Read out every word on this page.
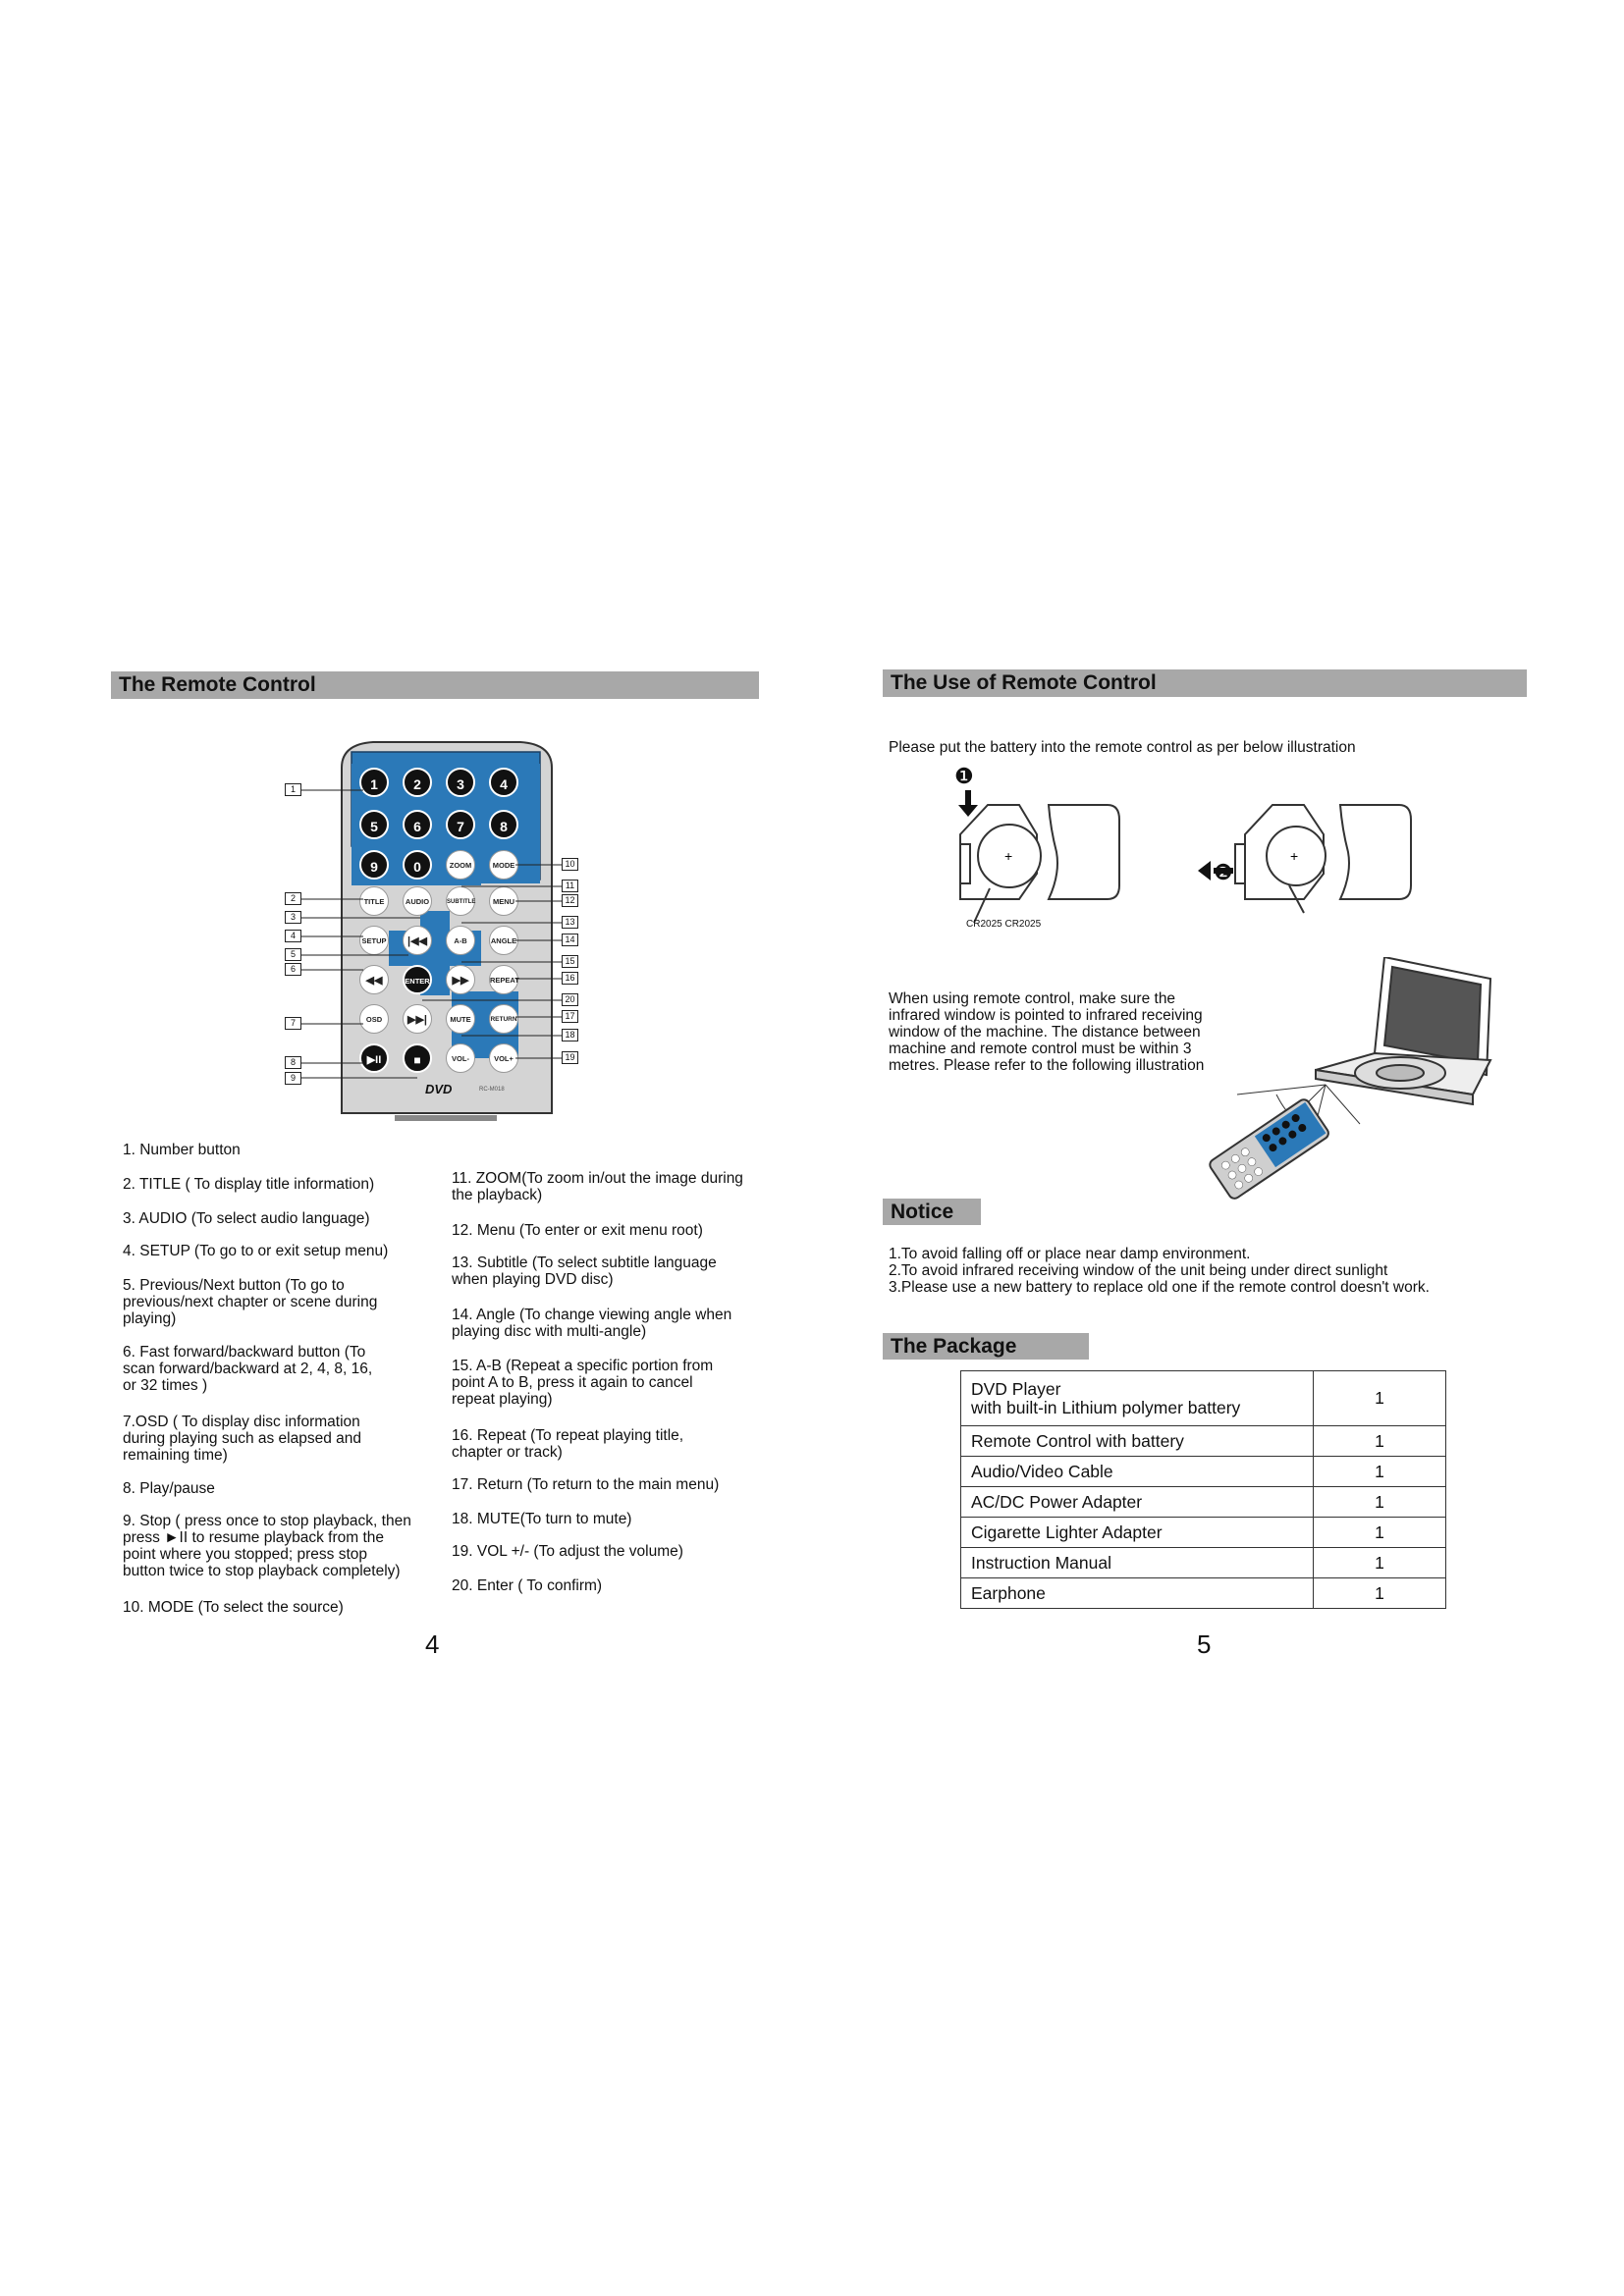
The Remote Control
1	2	3	4
5	6	7	8
9	0	ZOOM	MODE
TITLE	AUDIO	SUBTITLE	MENU
SETUP	|◀◀	A-B	ANGLE
◀◀	ENTER	▶▶	REPEAT
OSD	▶▶|	MUTE	RETURN
▶II	■	VOL-	VOL+
DVD	RC-M018
1
2
3
4
5
6
7
8
9
10
11
12
13
14
15
16
20
17
18
19
1. Number button
2. TITLE ( To display title information)
3. AUDIO (To select audio language)
4. SETUP (To go to or exit setup menu)
5. Previous/Next button (To go to
previous/next chapter or scene during
playing)
6. Fast forward/backward button (To
scan forward/backward at 2, 4, 8, 16,
or 32 times )
7.OSD ( To display disc information
during playing such as elapsed and
remaining time)
8. Play/pause
9. Stop ( press once to stop playback, then
press ►II to resume playback from the
point where you stopped; press stop
button twice to stop playback completely)
10. MODE (To select the source)
11. ZOOM(To zoom in/out the image during
the playback)
12. Menu (To enter or exit menu root)
13. Subtitle (To select subtitle language
when playing DVD disc)
14. Angle (To change viewing angle when
playing disc with multi-angle)
15. A-B (Repeat a specific portion from
point A to B, press it again to cancel
repeat playing)
16. Repeat (To repeat playing title,
chapter or track)
17. Return (To return to the main menu)
18. MUTE(To turn to mute)
19. VOL +/- (To adjust the volume)
20. Enter ( To confirm)
4
The Use of Remote Control
Please put the battery into the remote control as per below illustration
+	+
❶
❷
CR2025 CR2025
When using remote control, make sure the
infrared window is pointed to infrared receiving
window of the machine. The distance between
machine and remote control must be within 3
metres. Please refer to the following illustration
Notice
1.To avoid falling off or place near damp environment.
2.To avoid infrared receiving window of the unit being under direct sunlight
3.Please use a new battery to replace old one if the remote control doesn't work.
The Package
DVD Player
with built-in Lithium polymer battery	1
Remote Control with battery	1
Audio/Video Cable	1
AC/DC Power Adapter	1
Cigarette Lighter Adapter	1
Instruction Manual	1
Earphone	1
5
